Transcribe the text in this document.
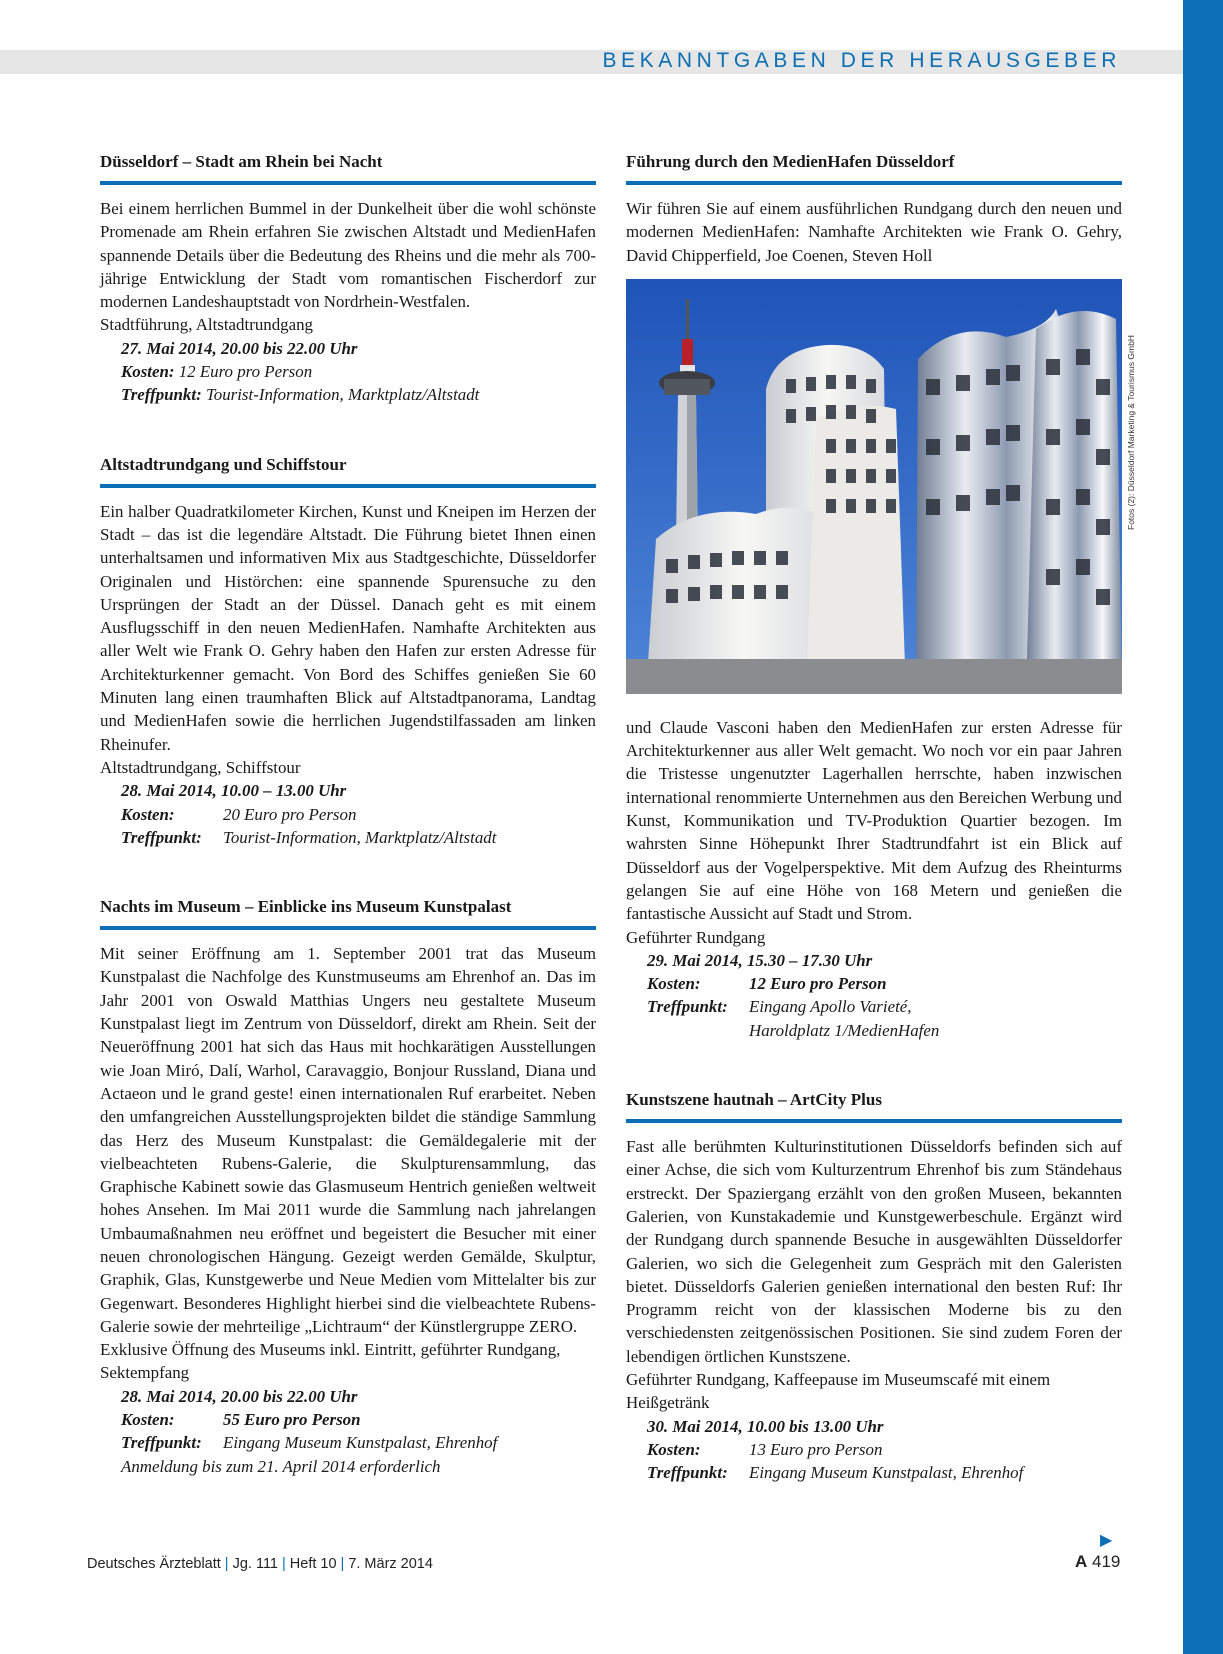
BEKANNTGABEN DER HERAUSGEBER
Düsseldorf – Stadt am Rhein bei Nacht

Bei einem herrlichen Bummel in der Dunkelheit über die wohl schönste Promenade am Rhein erfahren Sie zwischen Altstadt und MedienHafen spannende Details über die Bedeutung des Rheins und die mehr als 700-jährige Entwicklung der Stadt vom romantischen Fischerdorf zur modernen Landeshauptstadt von Nordrhein-Westfalen.

Stadtführung, Altstadtrundgang

27. Mai 2014, 20.00 bis 22.00 Uhr
Kosten: 12 Euro pro Person
Treffpunkt: Tourist-Information, Marktplatz/Altstadt
Altstadtrundgang und Schiffstour

Ein halber Quadratkilometer Kirchen, Kunst und Kneipen im Herzen der Stadt – das ist die legendäre Altstadt. Die Führung bietet Ihnen einen unterhaltsamen und informativen Mix aus Stadtgeschichte, Düsseldorfer Originalen und Histörchen: eine spannende Spurensuche zu den Ursprüngen der Stadt an der Düssel. Danach geht es mit einem Ausflugsschiff in den neuen MedienHafen. Namhafte Architekten aus aller Welt wie Frank O. Gehry haben den Hafen zur ersten Adresse für Architekturkenner gemacht. Von Bord des Schiffes genießen Sie 60 Minuten lang einen traumhaften Blick auf Altstadtpanorama, Landtag und MedienHafen sowie die herrlichen Jugendstilfassaden am linken Rheinufer.

Altstadtrundgang, Schiffstour

28. Mai 2014, 10.00 – 13.00 Uhr
Kosten:	20 Euro pro Person
Treffpunkt:	Tourist-Information, Marktplatz/Altstadt
Nachts im Museum – Einblicke ins Museum Kunstpalast

Mit seiner Eröffnung am 1. September 2001 trat das Museum Kunstpalast die Nachfolge des Kunstmuseums am Ehrenhof an. Das im Jahr 2001 von Oswald Matthias Ungers neu gestaltete Museum Kunstpalast liegt im Zentrum von Düsseldorf, direkt am Rhein. Seit der Neueröffnung 2001 hat sich das Haus mit hochkarätigen Ausstellungen wie Joan Miró, Dalí, Warhol, Caravaggio, Bonjour Russland, Diana und Actaeon und le grand geste! einen internationalen Ruf erarbeitet. Neben den umfangreichen Ausstellungsprojekten bildet die ständige Sammlung das Herz des Museum Kunstpalast: die Gemäldegalerie mit der vielbeachteten Rubens-Galerie, die Skulpturensammlung, das Graphische Kabinett sowie das Glasmuseum Hentrich genießen weltweit hohes Ansehen. Im Mai 2011 wurde die Sammlung nach jahrelangen Umbaumaßnahmen neu eröffnet und begeistert die Besucher mit einer neuen chronologischen Hängung. Gezeigt werden Gemälde, Skulptur, Graphik, Glas, Kunstgewerbe und Neue Medien vom Mittelalter bis zur Gegenwart. Besonderes Highlight hierbei sind die vielbeachtete Rubens-Galerie sowie der mehrteilige „Lichtraum“ der Künstlergruppe ZERO.

Exklusive Öffnung des Museums inkl. Eintritt, geführter Rundgang, Sektempfang

28. Mai 2014, 20.00 bis 22.00 Uhr
Kosten:	55 Euro pro Person
Treffpunkt:	Eingang Museum Kunstpalast, Ehrenhof
Anmeldung bis zum 21. April 2014 erforderlich
Führung durch den MedienHafen Düsseldorf

Wir führen Sie auf einem ausführlichen Rundgang durch den neuen und modernen MedienHafen: Namhafte Architekten wie Frank O. Gehry, David Chipperfield, Joe Coenen, Steven Holl

und Claude Vasconi haben den MedienHafen zur ersten Adresse für Architekturkenner aus aller Welt gemacht. Wo noch vor ein paar Jahren die Tristesse ungenutzter Lagerhallen herrschte, haben inzwischen international renommierte Unternehmen aus den Bereichen Werbung und Kunst, Kommunikation und TV-Produktion Quartier bezogen. Im wahrsten Sinne Höhepunkt Ihrer Stadtrundfahrt ist ein Blick auf Düsseldorf aus der Vogelperspektive. Mit dem Aufzug des Rheinturms gelangen Sie auf eine Höhe von 168 Metern und genießen die fantastische Aussicht auf Stadt und Strom.

Geführter Rundgang

29. Mai 2014, 15.30 – 17.30 Uhr
Kosten:	12 Euro pro Person
Treffpunkt:	Eingang Apollo Varieté,
Haroldplatz 1/MedienHafen
Kunstszene hautnah – ArtCity Plus

Fast alle berühmten Kulturinstitutionen Düsseldorfs befinden sich auf einer Achse, die sich vom Kulturzentrum Ehrenhof bis zum Ständehaus erstreckt. Der Spaziergang erzählt von den großen Museen, bekannten Galerien, von Kunstakademie und Kunstgewerbeschule. Ergänzt wird der Rundgang durch spannende Besuche in ausgewählten Düsseldorfer Galerien, wo sich die Gelegenheit zum Gespräch mit den Galeristen bietet. Düsseldorfs Galerien genießen international den besten Ruf: Ihr Programm reicht von der klassischen Moderne bis zu den verschiedensten zeitgenössischen Positionen. Sie sind zudem Foren der lebendigen örtlichen Kunstszene.

Geführter Rundgang, Kaffeepause im Museumscafé mit einem Heißgetränk

30. Mai 2014, 10.00 bis 13.00 Uhr
Kosten:	13 Euro pro Person
Treffpunkt:	Eingang Museum Kunstpalast, Ehrenhof
Fotos (2): Düsseldorf Marketing & Tourismus GmbH
▶
Deutsches Ärzteblatt | Jg. 111 | Heft 10 | 7. März 2014	A 419
